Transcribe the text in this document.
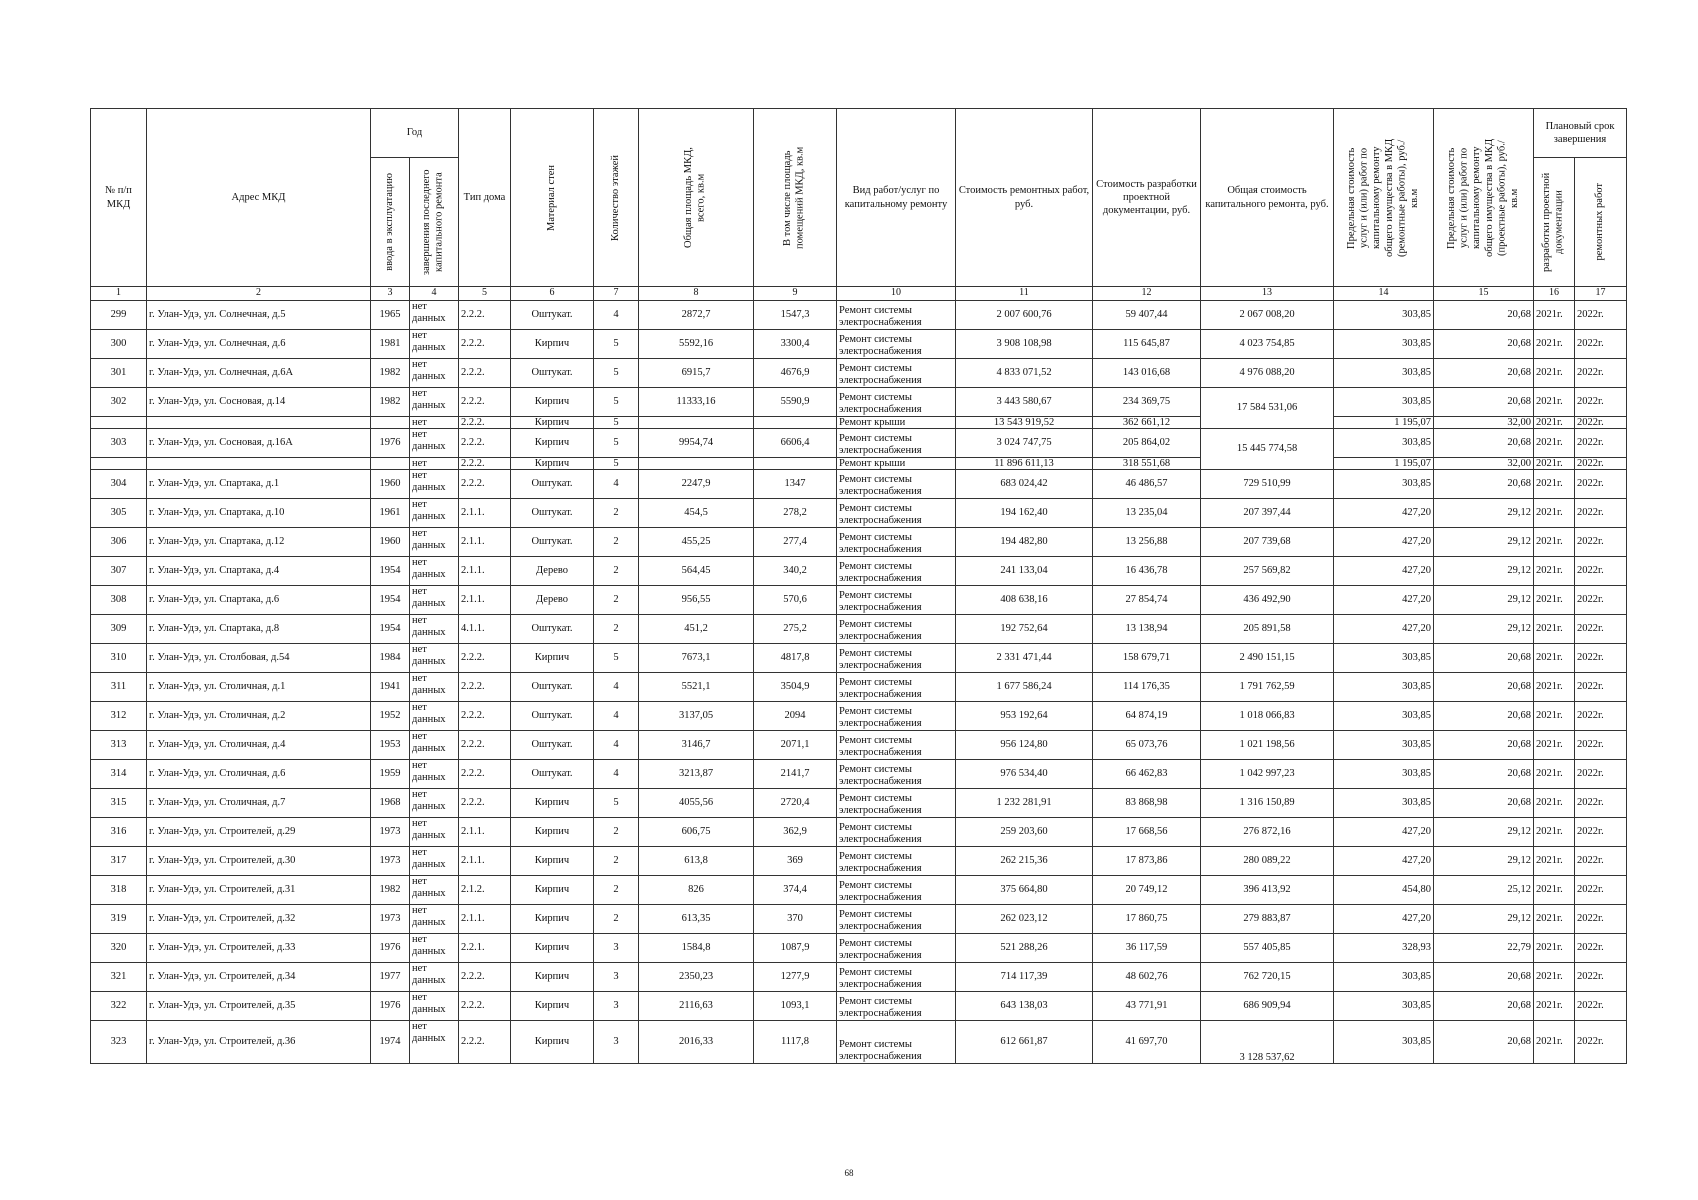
№ п/п МКД	Адрес МКД	Год		Тип дома	Материал стен	Количество этажей	Общая площадь МКД, всего, кв.м	В том числе площадь помещений МКД, кв.м	Вид работ/услуг по капитальному ремонту	Стоимость ремонтных работ, руб.	Стоимость разработки проектной документации, руб.	Общая стоимость капитального ремонта, руб.	Предельная стоимость услуг и (или) работ по капитальному ремонту общего имущества в МКД (ремонтные работы), руб./кв.м	Предельная стоимость услуг и (или) работ по капитальному ремонту общего имущества в МКД (проектные работы), руб./кв.м	Плановый срок завершения	

		ввода в эксплуатацию	завершения последнего капитального ремонта												разработки проектной документации	ремонтных работ

1	2	3	4	5	6	7	8	9	10	11	12	13	14	15	16	17
299	г. Улан-Удэ, ул. Солнечная, д.5	1965	нет данных	2.2.2.	Оштукат.	4	2872,7	1547,3	Ремонт системы электроснабжения	2 007 600,76	59 407,44	2 067 008,20	303,85	20,68	2021г.	2022г.
300	г. Улан-Удэ, ул. Солнечная, д.6	1981	нет данных	2.2.2.	Кирпич	5	5592,16	3300,4	Ремонт системы электроснабжения	3 908 108,98	115 645,87	4 023 754,85	303,85	20,68	2021г.	2022г.
301	г. Улан-Удэ, ул. Солнечная, д.6А	1982	нет данных	2.2.2.	Оштукат.	5	6915,7	4676,9	Ремонт системы электроснабжения	4 833 071,52	143 016,68	4 976 088,20	303,85	20,68	2021г.	2022г.
302	г. Улан-Удэ, ул. Сосновая, д.14	1982	нет данных	2.2.2.	Кирпич	5	11333,16	5590,9	Ремонт системы электроснабжения	3 443 580,67	234 369,75	17 584 531,06	303,85	20,68	2021г.	2022г.
			нет	2.2.2.	Кирпич	5			Ремонт крыши	13 543 919,52	362 661,12		1 195,07	32,00	2021г.	2022г.
303	г. Улан-Удэ, ул. Сосновая, д.16А	1976	нет данных	2.2.2.	Кирпич	5	9954,74	6606,4	Ремонт системы электроснабжения	3 024 747,75	205 864,02	15 445 774,58	303,85	20,68	2021г.	2022г.
			нет	2.2.2.	Кирпич	5			Ремонт крыши	11 896 611,13	318 551,68		1 195,07	32,00	2021г.	2022г.
304	г. Улан-Удэ, ул. Спартака, д.1	1960	нет данных	2.2.2.	Оштукат.	4	2247,9	1347	Ремонт системы электроснабжения	683 024,42	46 486,57	729 510,99	303,85	20,68	2021г.	2022г.
305	г. Улан-Удэ, ул. Спартака, д.10	1961	нет данных	2.1.1.	Оштукат.	2	454,5	278,2	Ремонт системы электроснабжения	194 162,40	13 235,04	207 397,44	427,20	29,12	2021г.	2022г.
306	г. Улан-Удэ, ул. Спартака, д.12	1960	нет данных	2.1.1.	Оштукат.	2	455,25	277,4	Ремонт системы электроснабжения	194 482,80	13 256,88	207 739,68	427,20	29,12	2021г.	2022г.
307	г. Улан-Удэ, ул. Спартака, д.4	1954	нет данных	2.1.1.	Дерево	2	564,45	340,2	Ремонт системы электроснабжения	241 133,04	16 436,78	257 569,82	427,20	29,12	2021г.	2022г.
308	г. Улан-Удэ, ул. Спартака, д.6	1954	нет данных	2.1.1.	Дерево	2	956,55	570,6	Ремонт системы электроснабжения	408 638,16	27 854,74	436 492,90	427,20	29,12	2021г.	2022г.
309	г. Улан-Удэ, ул. Спартака, д.8	1954	нет данных	4.1.1.	Оштукат.	2	451,2	275,2	Ремонт системы электроснабжения	192 752,64	13 138,94	205 891,58	427,20	29,12	2021г.	2022г.
310	г. Улан-Удэ, ул. Столбовая, д.54	1984	нет данных	2.2.2.	Кирпич	5	7673,1	4817,8	Ремонт системы электроснабжения	2 331 471,44	158 679,71	2 490 151,15	303,85	20,68	2021г.	2022г.
311	г. Улан-Удэ, ул. Столичная, д.1	1941	нет данных	2.2.2.	Оштукат.	4	5521,1	3504,9	Ремонт системы электроснабжения	1 677 586,24	114 176,35	1 791 762,59	303,85	20,68	2021г.	2022г.
312	г. Улан-Удэ, ул. Столичная, д.2	1952	нет данных	2.2.2.	Оштукат.	4	3137,05	2094	Ремонт системы электроснабжения	953 192,64	64 874,19	1 018 066,83	303,85	20,68	2021г.	2022г.
313	г. Улан-Удэ, ул. Столичная, д.4	1953	нет данных	2.2.2.	Оштукат.	4	3146,7	2071,1	Ремонт системы электроснабжения	956 124,80	65 073,76	1 021 198,56	303,85	20,68	2021г.	2022г.
314	г. Улан-Удэ, ул. Столичная, д.6	1959	нет данных	2.2.2.	Оштукат.	4	3213,87	2141,7	Ремонт системы электроснабжения	976 534,40	66 462,83	1 042 997,23	303,85	20,68	2021г.	2022г.
315	г. Улан-Удэ, ул. Столичная, д.7	1968	нет данных	2.2.2.	Кирпич	5	4055,56	2720,4	Ремонт системы электроснабжения	1 232 281,91	83 868,98	1 316 150,89	303,85	20,68	2021г.	2022г.
316	г. Улан-Удэ, ул. Строителей, д.29	1973	нет данных	2.1.1.	Кирпич	2	606,75	362,9	Ремонт системы электроснабжения	259 203,60	17 668,56	276 872,16	427,20	29,12	2021г.	2022г.
317	г. Улан-Удэ, ул. Строителей, д.30	1973	нет данных	2.1.1.	Кирпич	2	613,8	369	Ремонт системы электроснабжения	262 215,36	17 873,86	280 089,22	427,20	29,12	2021г.	2022г.
318	г. Улан-Удэ, ул. Строителей, д.31	1982	нет данных	2.1.2.	Кирпич	2	826	374,4	Ремонт системы электроснабжения	375 664,80	20 749,12	396 413,92	454,80	25,12	2021г.	2022г.
319	г. Улан-Удэ, ул. Строителей, д.32	1973	нет данных	2.1.1.	Кирпич	2	613,35	370	Ремонт системы электроснабжения	262 023,12	17 860,75	279 883,87	427,20	29,12	2021г.	2022г.
320	г. Улан-Удэ, ул. Строителей, д.33	1976	нет данных	2.2.1.	Кирпич	3	1584,8	1087,9	Ремонт системы электроснабжения	521 288,26	36 117,59	557 405,85	328,93	22,79	2021г.	2022г.
321	г. Улан-Удэ, ул. Строителей, д.34	1977	нет данных	2.2.2.	Кирпич	3	2350,23	1277,9	Ремонт системы электроснабжения	714 117,39	48 602,76	762 720,15	303,85	20,68	2021г.	2022г.
322	г. Улан-Удэ, ул. Строителей, д.35	1976	нет данных	2.2.2.	Кирпич	3	2116,63	1093,1	Ремонт системы электроснабжения	643 138,03	43 771,91	686 909,94	303,85	20,68	2021г.	2022г.
323	г. Улан-Удэ, ул. Строителей, д.36	1974	нет данных	2.2.2.	Кирпич	3	2016,33	1117,8	Ремонт системы электроснабжения	612 661,87	41 697,70	3 128 537,62	303,85	20,68	2021г.	2022г.
68
